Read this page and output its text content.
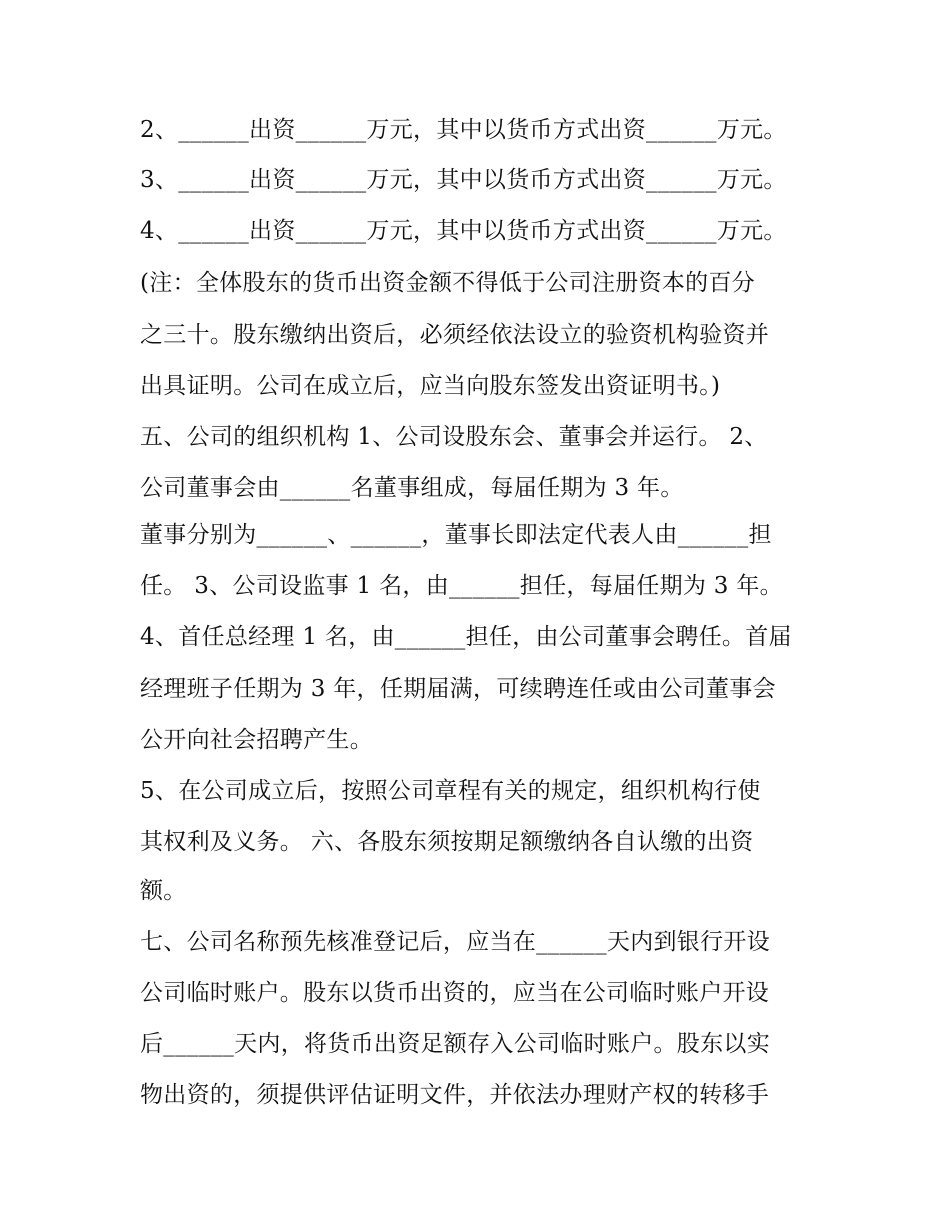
2、______出资______万元，其中以货币方式出资______万元。
3、______出资______万元，其中以货币方式出资______万元。
4、______出资______万元，其中以货币方式出资______万元。
(注：全体股东的货币出资金额不得低于公司注册资本的百分
之三十。股东缴纳出资后，必须经依法设立的验资机构验资并
出具证明。公司在成立后，应当向股东签发出资证明书。)
五、公司的组织机构 1、公司设股东会、董事会并运行。 2、
公司董事会由______名董事组成，每届任期为 3 年。
董事分别为______、______，董事长即法定代表人由______担
任。 3、公司设监事 1 名，由______担任，每届任期为 3 年。
4、首任总经理 1 名，由______担任，由公司董事会聘任。首届
经理班子任期为 3 年，任期届满，可续聘连任或由公司董事会
公开向社会招聘产生。
5、在公司成立后，按照公司章程有关的规定，组织机构行使
其权利及义务。 六、各股东须按期足额缴纳各自认缴的出资
额。
七、公司名称预先核准登记后，应当在______天内到银行开设
公司临时账户。股东以货币出资的，应当在公司临时账户开设
后______天内，将货币出资足额存入公司临时账户。股东以实
物出资的，须提供评估证明文件，并依法办理财产权的转移手
